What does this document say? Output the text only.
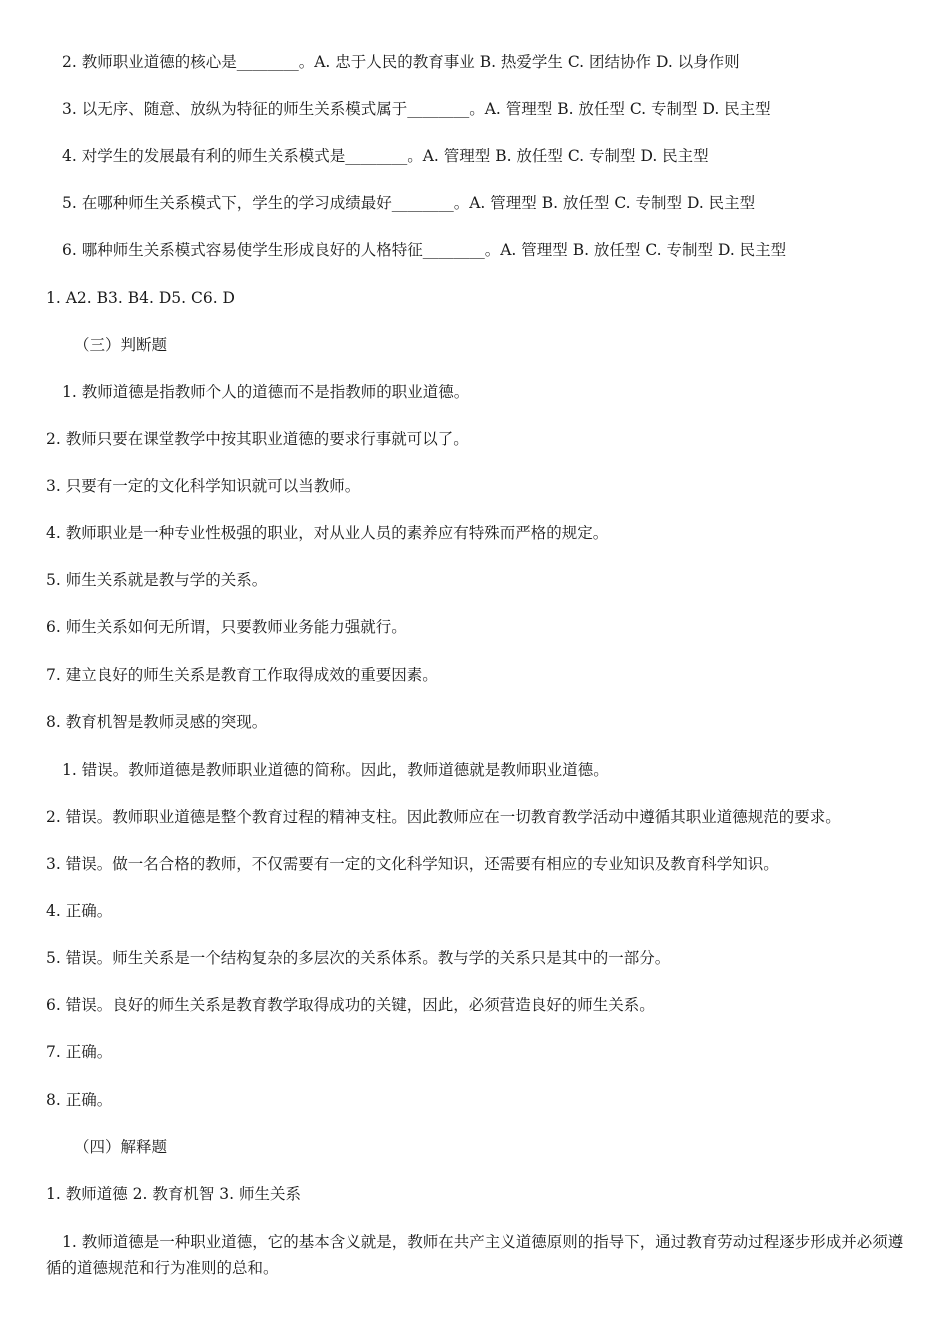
2. 教师职业道德的核心是________。A. 忠于人民的教育事业 B. 热爱学生 C. 团结协作 D. 以身作则
3. 以无序、随意、放纵为特征的师生关系模式属于________。A. 管理型 B. 放任型 C. 专制型 D. 民主型
4. 对学生的发展最有利的师生关系模式是________。A. 管理型 B. 放任型 C. 专制型 D. 民主型
5. 在哪种师生关系模式下，学生的学习成绩最好________。A. 管理型 B. 放任型 C. 专制型 D. 民主型
6. 哪种师生关系模式容易使学生形成良好的人格特征________。A. 管理型 B. 放任型 C. 专制型 D. 民主型
1. A2. B3. B4. D5. C6. D
（三）判断题
1. 教师道德是指教师个人的道德而不是指教师的职业道德。
2. 教师只要在课堂教学中按其职业道德的要求行事就可以了。
3. 只要有一定的文化科学知识就可以当教师。
4. 教师职业是一种专业性极强的职业，对从业人员的素养应有特殊而严格的规定。
5. 师生关系就是教与学的关系。
6. 师生关系如何无所谓，只要教师业务能力强就行。
7. 建立良好的师生关系是教育工作取得成效的重要因素。
8. 教育机智是教师灵感的突现。
1. 错误。教师道德是教师职业道德的简称。因此，教师道德就是教师职业道德。
2. 错误。教师职业道德是整个教育过程的精神支柱。因此教师应在一切教育教学活动中遵循其职业道德规范的要求。
3. 错误。做一名合格的教师，不仅需要有一定的文化科学知识，还需要有相应的专业知识及教育科学知识。
4. 正确。
5. 错误。师生关系是一个结构复杂的多层次的关系体系。教与学的关系只是其中的一部分。
6. 错误。良好的师生关系是教育教学取得成功的关键，因此，必须营造良好的师生关系。
7. 正确。
8. 正确。
（四）解释题
1. 教师道德 2. 教育机智 3. 师生关系
1. 教师道德是一种职业道德，它的基本含义就是，教师在共产主义道德原则的指导下，通过教育劳动过程逐步形成并必须遵循的道德规范和行为准则的总和。
